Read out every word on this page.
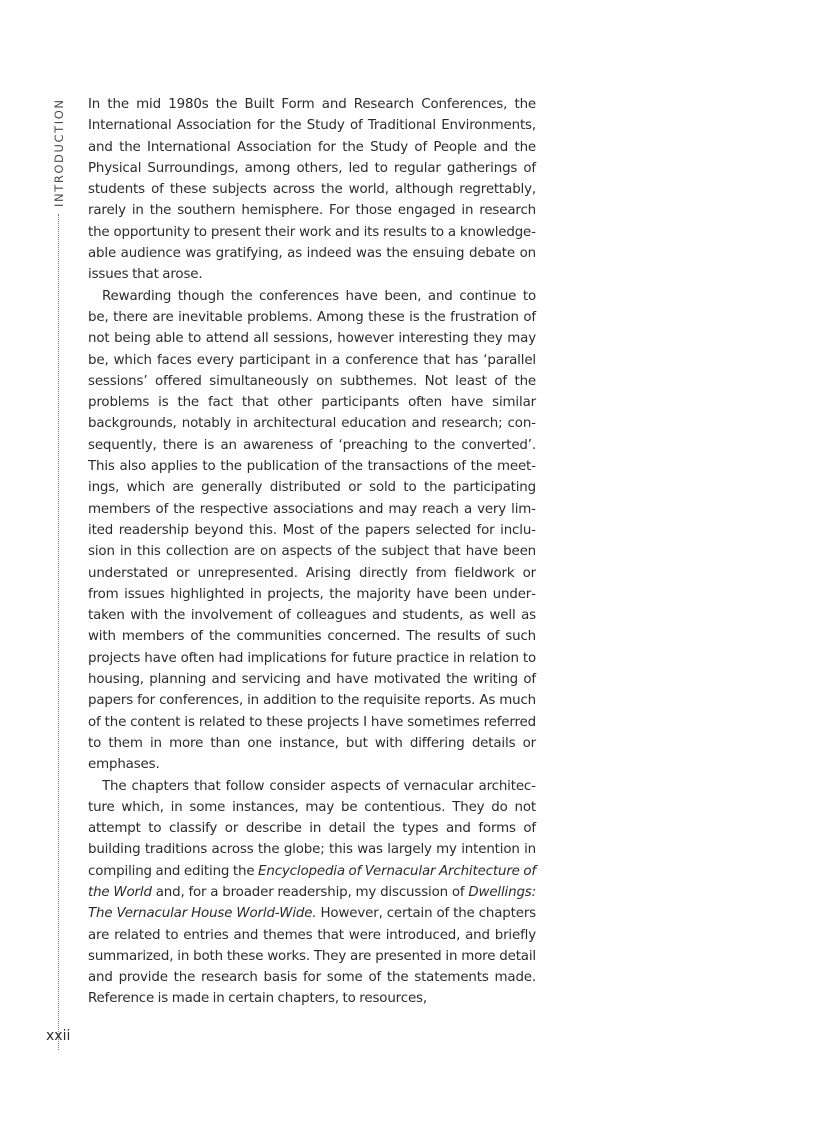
INTRODUCTION In the mid 1980s the Built Form and Research Conferences, the International Association for the Study of Traditional Environments, and the International Association for the Study of People and the Physical Surroundings, among others, led to regular gatherings of students of these subjects across the world, although regrettably, rarely in the southern hemisphere. For those engaged in research the opportunity to present their work and its results to a knowledgeable audience was gratifying, as indeed was the ensuing debate on issues that arose.

Rewarding though the conferences have been, and continue to be, there are inevitable problems. Among these is the frustration of not being able to attend all sessions, however interesting they may be, which faces every participant in a conference that has ‘parallel sessions’ offered simultaneously on subthemes. Not least of the problems is the fact that other participants often have similar backgrounds, notably in architectural education and research; consequently, there is an awareness of ‘preaching to the converted’. This also applies to the publication of the transactions of the meetings, which are generally distributed or sold to the participating members of the respective associations and may reach a very limited readership beyond this. Most of the papers selected for inclusion in this collection are on aspects of the subject that have been understated or unrepresented. Arising directly from fieldwork or from issues highlighted in projects, the majority have been undertaken with the involvement of colleagues and students, as well as with members of the communities concerned. The results of such projects have often had implications for future practice in relation to housing, planning and servicing and have motivated the writing of papers for conferences, in addition to the requisite reports. As much of the content is related to these projects I have sometimes referred to them in more than one instance, but with differing details or emphases.

The chapters that follow consider aspects of vernacular architecture which, in some instances, may be contentious. They do not attempt to classify or describe in detail the types and forms of building traditions across the globe; this was largely my intention in compiling and editing the Encyclopedia of Vernacular Architecture of the World and, for a broader readership, my discussion of Dwellings: The Vernacular House World-Wide. However, certain of the chapters are related to entries and themes that were introduced, and briefly summarized, in both these works. They are presented in more detail and provide the research basis for some of the statements made. Reference is made in certain chapters, to resources,

xxii
